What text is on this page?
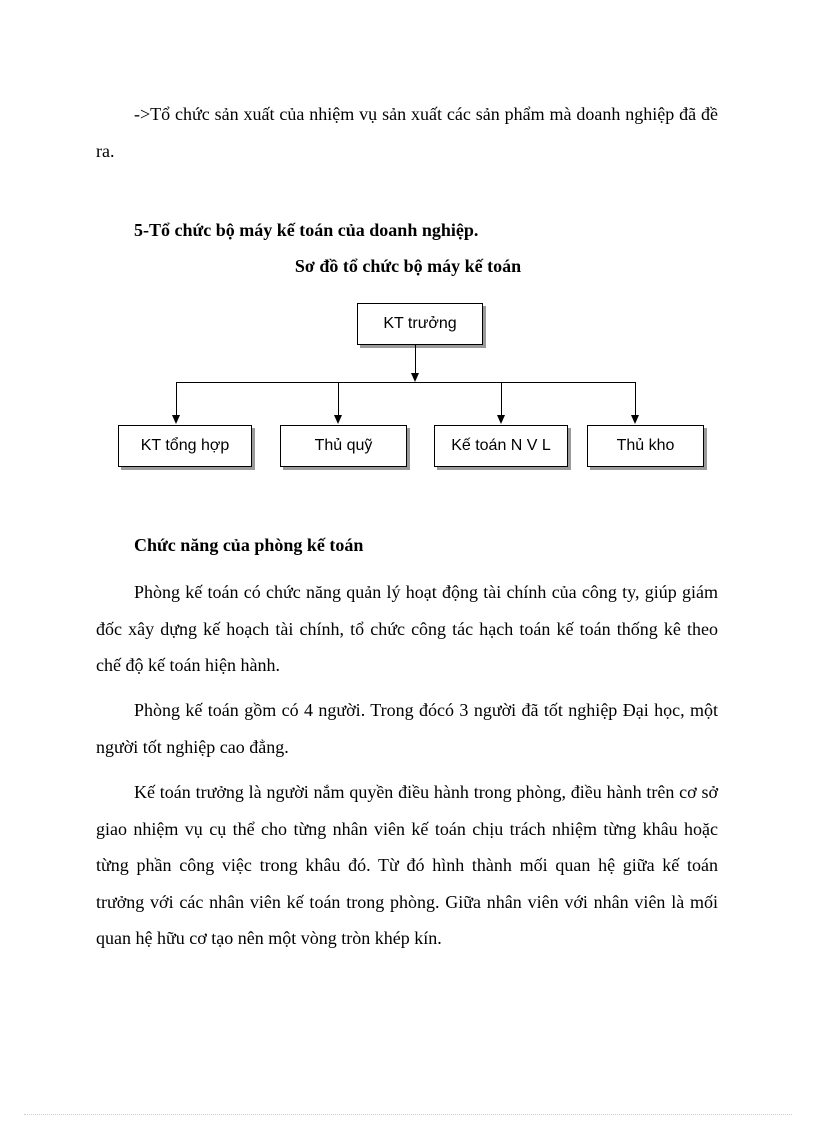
->Tổ chức sản xuất của nhiệm vụ sản xuất các sản phẩm mà doanh nghiệp đã đề ra.

5-Tổ chức bộ máy kế toán của doanh nghiệp.
Sơ đồ tổ chức bộ máy kế toán
KT trưởng
KT tổng hợp	Thủ quỹ	Kế toán N V L	Thủ kho
Chức năng của phòng kế toán

Phòng kế toán có chức năng quản lý hoạt động tài chính của công ty, giúp giám đốc xây dựng kế hoạch tài chính, tổ chức công tác hạch toán kế toán thống kê theo chế độ kế toán hiện hành.

Phòng kế toán gồm có 4 người. Trong đócó 3 người đã tốt nghiệp Đại học, một người tốt nghiệp cao đẳng.

Kế toán trưởng là người nắm quyền điều hành trong phòng, điều hành trên cơ sở giao nhiệm vụ cụ thể cho từng nhân viên kế toán chịu trách nhiệm từng khâu hoặc từng phần công việc trong khâu đó. Từ đó hình thành mối quan hệ giữa kế toán trưởng với các nhân viên kế toán trong phòng. Giữa nhân viên với nhân viên là mối quan hệ hữu cơ tạo nên một vòng tròn khép kín.
